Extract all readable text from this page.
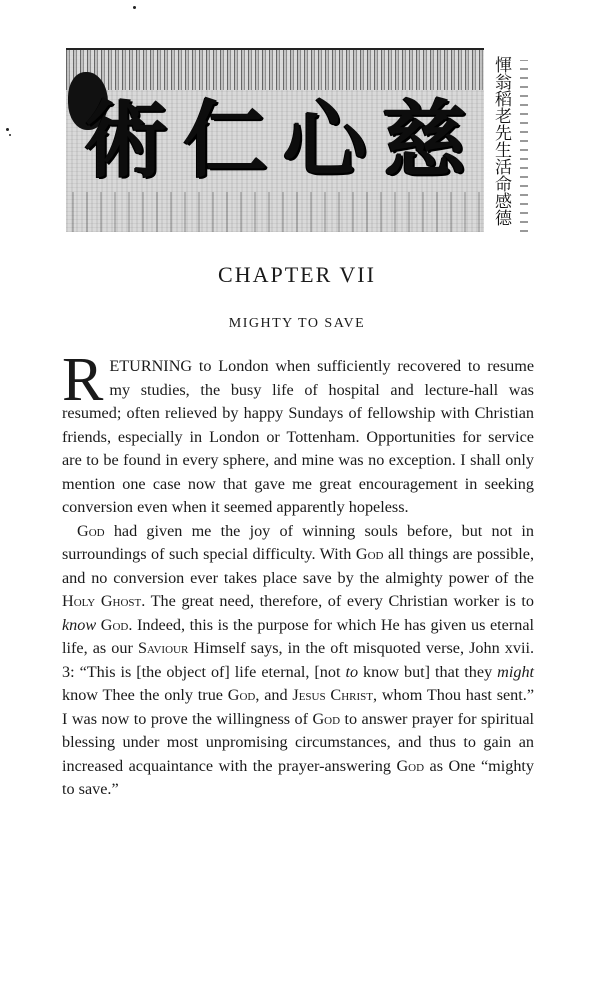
術 仁 心 慈 惲翁稻老先生活命感德
CHAPTER VII
MIGHTY TO SAVE

RETURNING to London when sufficiently recovered to resume my studies, the busy life of hospital and lecture-hall was resumed; often relieved by happy Sundays of fellowship with Christian friends, especially in London or Tottenham. Opportunities for service are to be found in every sphere, and mine was no exception. I shall only mention one case now that gave me great encouragement in seeking conversion even when it seemed apparently hopeless.

God had given me the joy of winning souls before, but not in surroundings of such special difficulty. With God all things are possible, and no conversion ever takes place save by the almighty power of the Holy Ghost. The great need, therefore, of every Christian worker is to know God. Indeed, this is the purpose for which He has given us eternal life, as our Saviour Himself says, in the oft misquoted verse, John xvii. 3: “This is [the object of] life eternal, [not to know but] that they might know Thee the only true God, and Jesus Christ, whom Thou hast sent.” I was now to prove the willingness of God to answer prayer for spiritual blessing under most unpromising circumstances, and thus to gain an increased acquaintance with the prayer-answering God as One “mighty to save.”
